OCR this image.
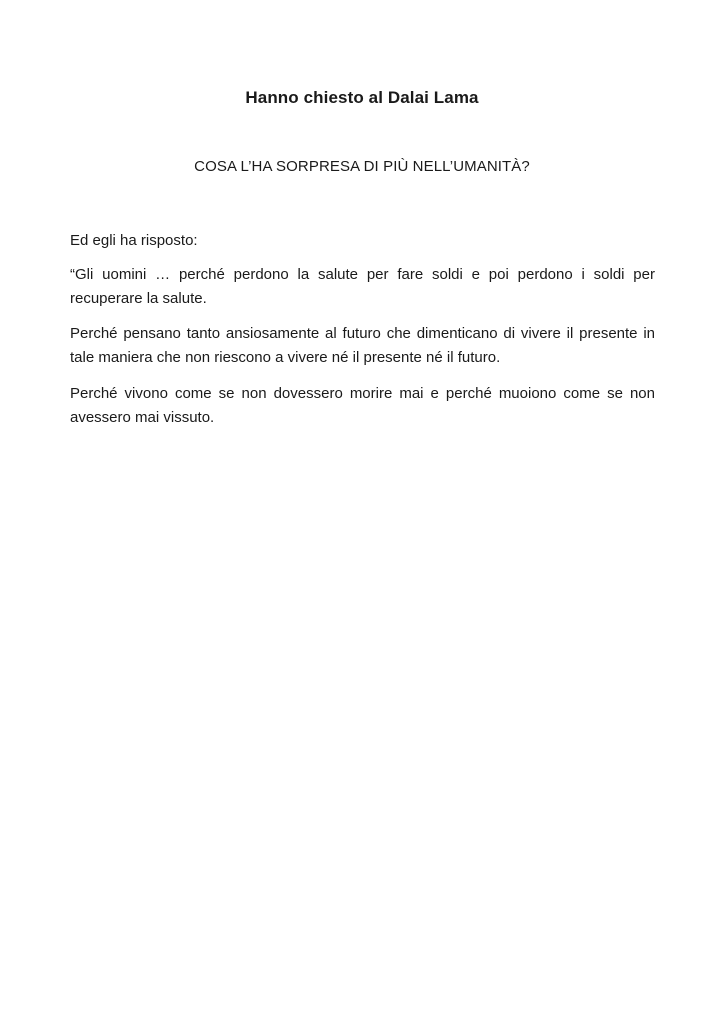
Hanno chiesto al Dalai Lama
COSA L’HA SORPRESA DI PIÙ NELL’UMANITÀ?
Ed egli ha risposto:
“Gli uomini … perché perdono la salute per fare soldi e poi perdono i soldi per recuperare la salute.
Perché pensano tanto ansiosamente al futuro che dimenticano di vivere il presente in tale maniera che non riescono a vivere né il presente né il futuro.
Perché vivono come se non dovessero morire mai e perché muoiono come se non avessero mai vissuto.
